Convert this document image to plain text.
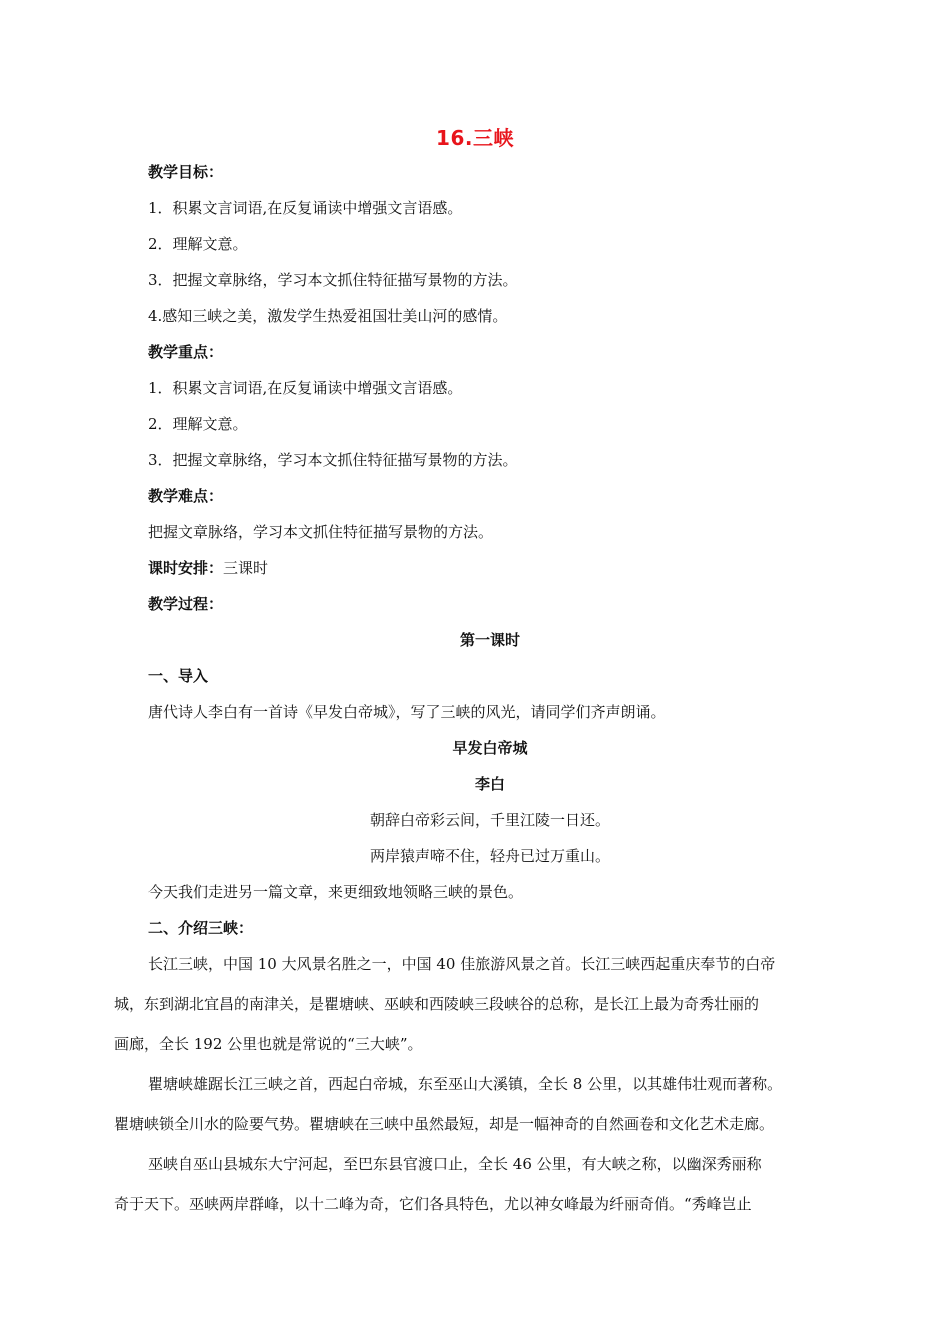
16.三峡
教学目标：
1．积累文言词语,在反复诵读中增强文言语感。
2．理解文意。
3．把握文章脉络，学习本文抓住特征描写景物的方法。
4.感知三峡之美，激发学生热爱祖国壮美山河的感情。
教学重点：
1．积累文言词语,在反复诵读中增强文言语感。
2．理解文意。
3．把握文章脉络，学习本文抓住特征描写景物的方法。
教学难点：
把握文章脉络，学习本文抓住特征描写景物的方法。
课时安排：三课时
教学过程：
第一课时
一、导入
唐代诗人李白有一首诗《早发白帝城》，写了三峡的风光，请同学们齐声朗诵。
早发白帝城
李白
朝辞白帝彩云间，千里江陵一日还。
两岸猿声啼不住，轻舟已过万重山。
今天我们走进另一篇文章，来更细致地领略三峡的景色。
二、介绍三峡：
长江三峡，中国 10 大风景名胜之一，中国 40 佳旅游风景之首。长江三峡西起重庆奉节的白帝
城，东到湖北宜昌的南津关，是瞿塘峡、巫峡和西陵峡三段峡谷的总称，是长江上最为奇秀壮丽的
画廊，全长 192 公里也就是常说的“三大峡”。
瞿塘峡雄踞长江三峡之首，西起白帝城，东至巫山大溪镇，全长 8 公里，以其雄伟壮观而著称。
瞿塘峡锁全川水的险要气势。瞿塘峡在三峡中虽然最短，却是一幅神奇的自然画卷和文化艺术走廊。
巫峡自巫山县城东大宁河起，至巴东县官渡口止，全长 46 公里，有大峡之称，以幽深秀丽称
奇于天下。巫峡两岸群峰，以十二峰为奇，它们各具特色，尤以神女峰最为纤丽奇俏。“秀峰岂止
